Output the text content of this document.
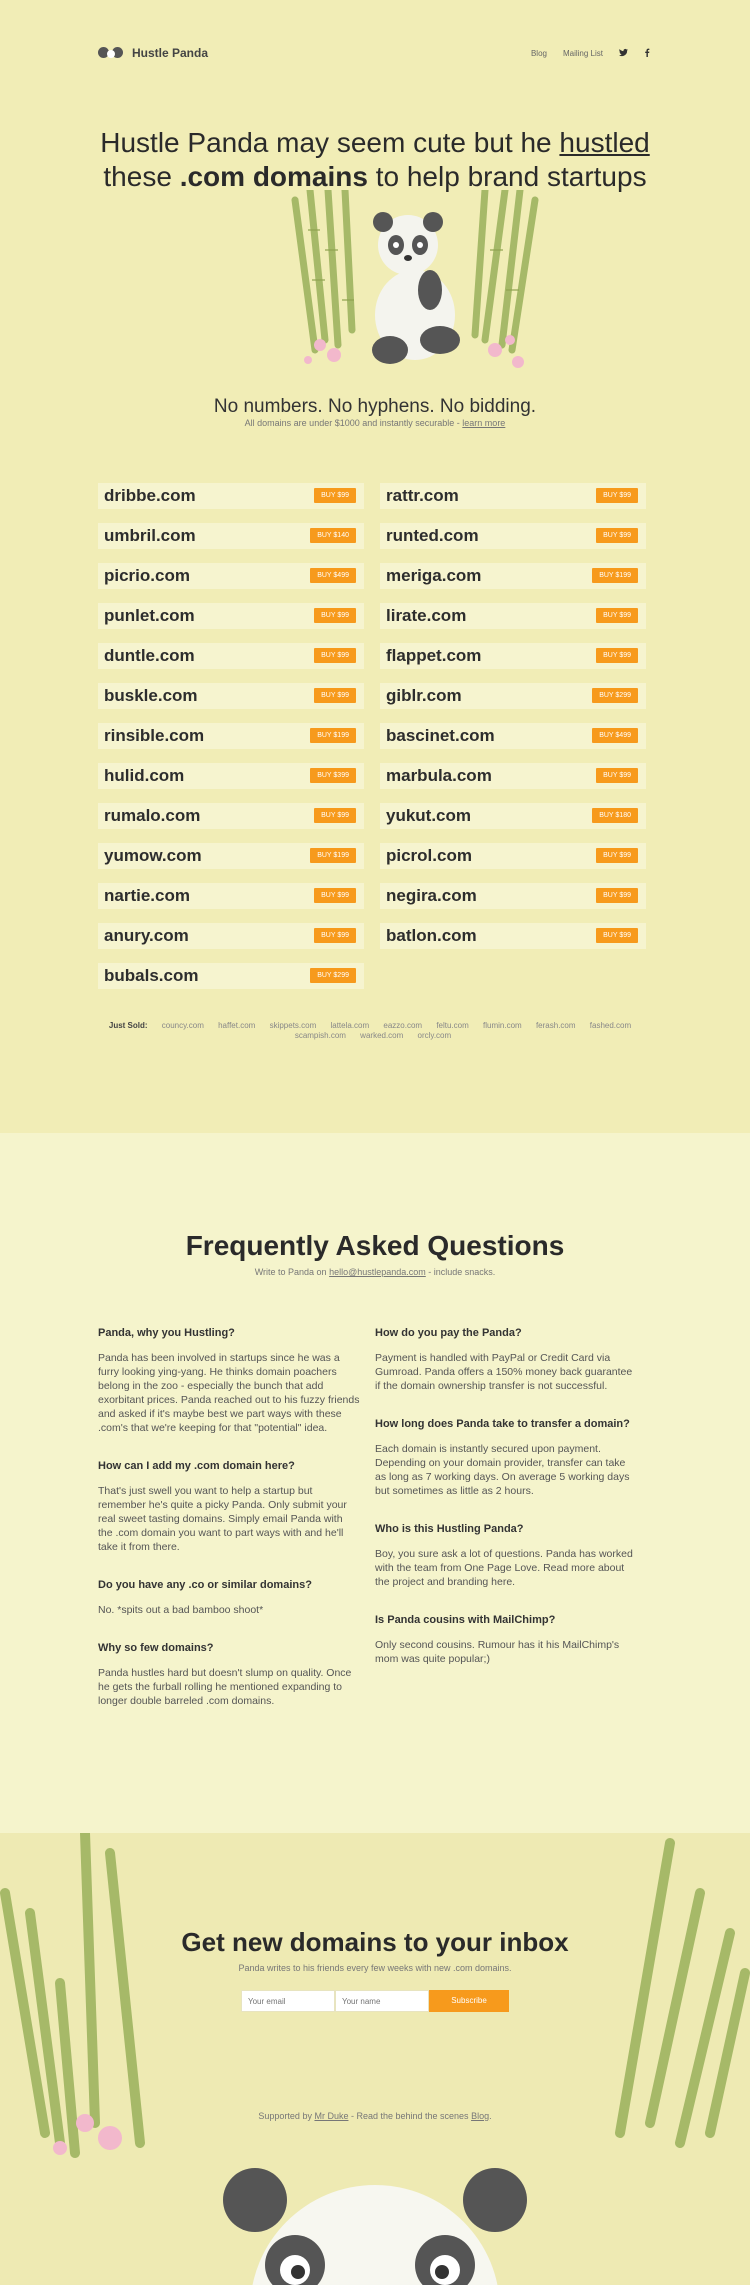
Hustle Panda	Blog Mailing List
Hustle Panda may seem cute but he hustled
these .com domains to help brand startups
No numbers. No hyphens. No bidding.
All domains are under $1000 and instantly securable - learn more
dribbe.com	BUY $99
umbril.com	BUY $140
picrio.com	BUY $499
punlet.com	BUY $99
duntle.com	BUY $99
buskle.com	BUY $99
rinsible.com	BUY $199
hulid.com	BUY $399
rumalo.com	BUY $99
yumow.com	BUY $199
nartie.com	BUY $99
anury.com	BUY $99
bubals.com	BUY $299
rattr.com	BUY $99
runted.com	BUY $99
meriga.com	BUY $199
lirate.com	BUY $99
flappet.com	BUY $99
giblr.com	BUY $299
bascinet.com	BUY $499
marbula.com	BUY $99
yukut.com	BUY $180
picrol.com	BUY $99
negira.com	BUY $99
batlon.com	BUY $99
Just Sold: councy.com haffet.com skippets.com lattela.com eazzo.com feltu.com flumin.com ferash.com fashed.com scampish.com warked.com orcly.com
Frequently Asked Questions
Write to Panda on hello@hustlepanda.com - include snacks.
Panda, why you Hustling?
Panda has been involved in startups since he was a furry looking ying-yang. He thinks domain poachers belong in the zoo - especially the bunch that add exorbitant prices. Panda reached out to his fuzzy friends and asked if it's maybe best we part ways with these .com's that we're keeping for that "potential" idea.
How can I add my .com domain here?
That's just swell you want to help a startup but remember he's quite a picky Panda. Only submit your real sweet tasting domains. Simply email Panda with the .com domain you want to part ways with and he'll take it from there.
Do you have any .co or similar domains?
No. *spits out a bad bamboo shoot*
Why so few domains?
Panda hustles hard but doesn't slump on quality. Once he gets the furball rolling he mentioned expanding to longer double barreled .com domains.
How do you pay the Panda?
Payment is handled with PayPal or Credit Card via Gumroad. Panda offers a 150% money back guarantee if the domain ownership transfer is not successful.
How long does Panda take to transfer a domain?
Each domain is instantly secured upon payment. Depending on your domain provider, transfer can take as long as 7 working days. On average 5 working days but sometimes as little as 2 hours.
Who is this Hustling Panda?
Boy, you sure ask a lot of questions. Panda has worked with the team from One Page Love. Read more about the project and branding here.
Is Panda cousins with MailChimp?
Only second cousins. Rumour has it his MailChimp's mom was quite popular;)
Get new domains to your inbox
Panda writes to his friends every few weeks with new .com domains.
Your email
Your name
Subscribe
Supported by Mr Duke - Read the behind the scenes Blog.
